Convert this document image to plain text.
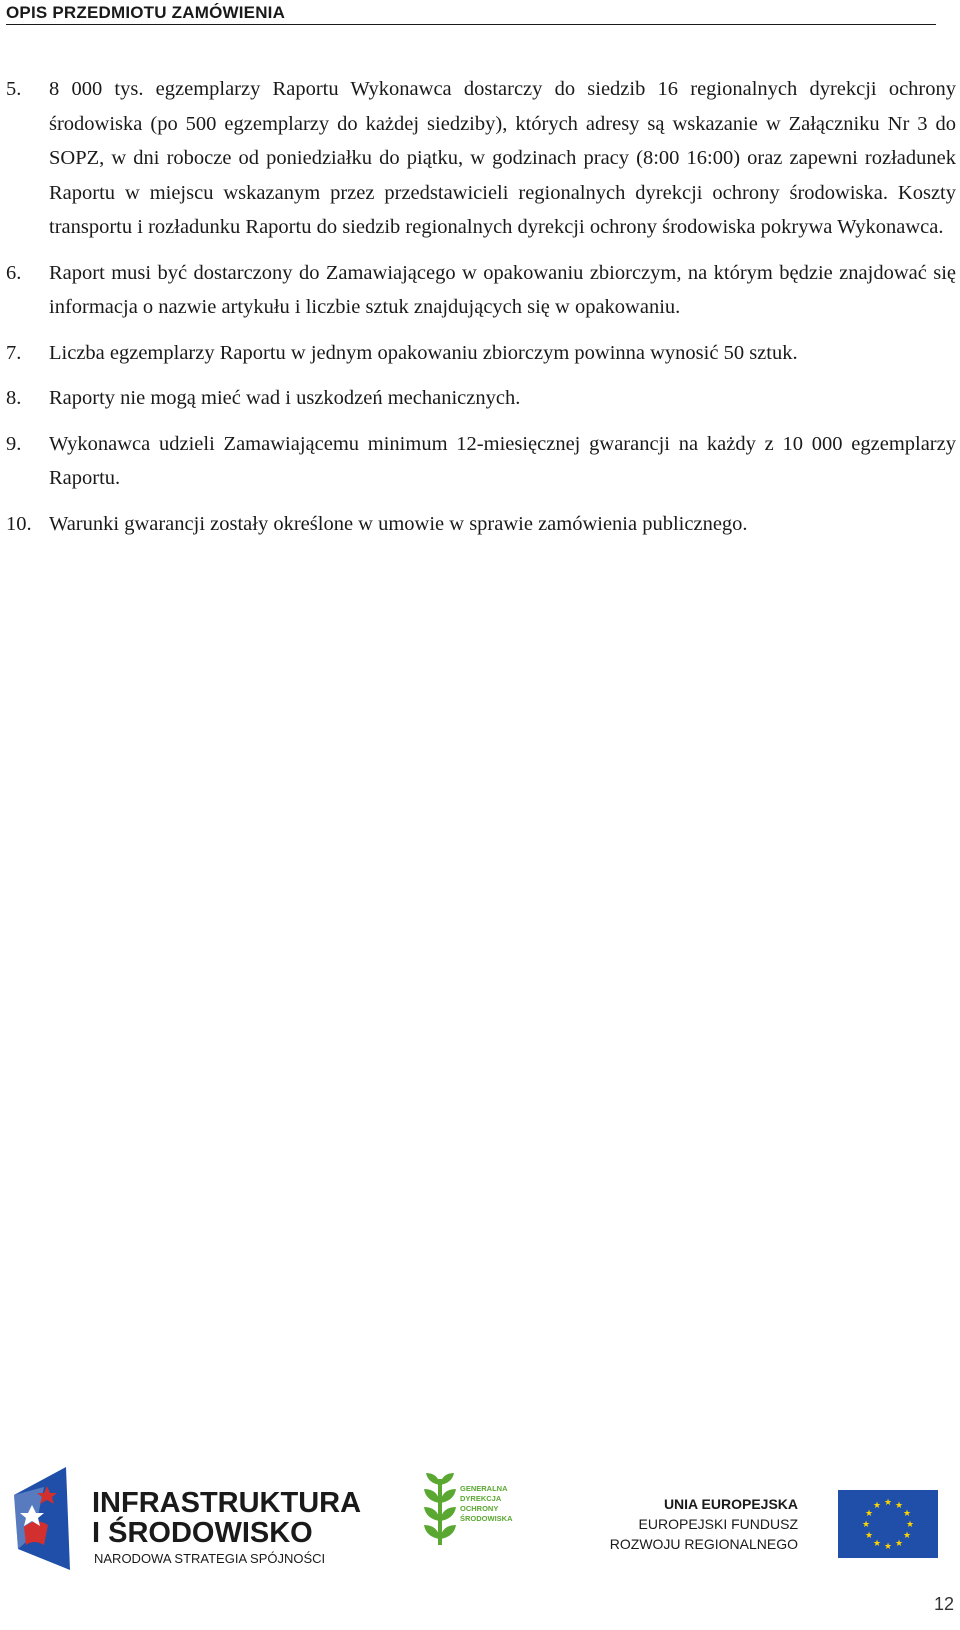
OPIS PRZEDMIOTU ZAMÓWIENIA
5. 8 000 tys. egzemplarzy Raportu Wykonawca dostarczy do siedzib 16 regionalnych dyrekcji ochrony środowiska (po 500 egzemplarzy do każdej siedziby), których adresy są wskazanie w Załączniku Nr 3 do SOPZ, w dni robocze od poniedziałku do piątku, w godzinach pracy (8:00 16:00) oraz zapewni rozładunek Raportu w miejscu wskazanym przez przedstawicieli regionalnych dyrekcji ochrony środowiska. Koszty transportu i rozładunku Raportu do siedzib regionalnych dyrekcji ochrony środowiska pokrywa Wykonawca.
6. Raport musi być dostarczony do Zamawiającego w opakowaniu zbiorczym, na którym będzie znajdować się informacja o nazwie artykułu i liczbie sztuk znajdujących się w opakowaniu.
7. Liczba egzemplarzy Raportu w jednym opakowaniu zbiorczym powinna wynosić 50 sztuk.
8. Raporty nie mogą mieć wad i uszkodzeń mechanicznych.
9. Wykonawca udzieli Zamawiającemu minimum 12-miesięcznej gwarancji na każdy z 10 000 egzemplarzy Raportu.
10. Warunki gwarancji zostały określone w umowie w sprawie zamówienia publicznego.
INFRASTRUKTURA
I ŚRODOWISKO
NARODOWA STRATEGIA SPÓJNOŚCI
GENERALNA
DYREKCJA
OCHRONY
ŚRODOWISKA
UNIA EUROPEJSKA
EUROPEJSKI FUNDUSZ
ROZWOJU REGIONALNEGO
★ ★
★
★
★
★
★
★
★
★
★
★
12
